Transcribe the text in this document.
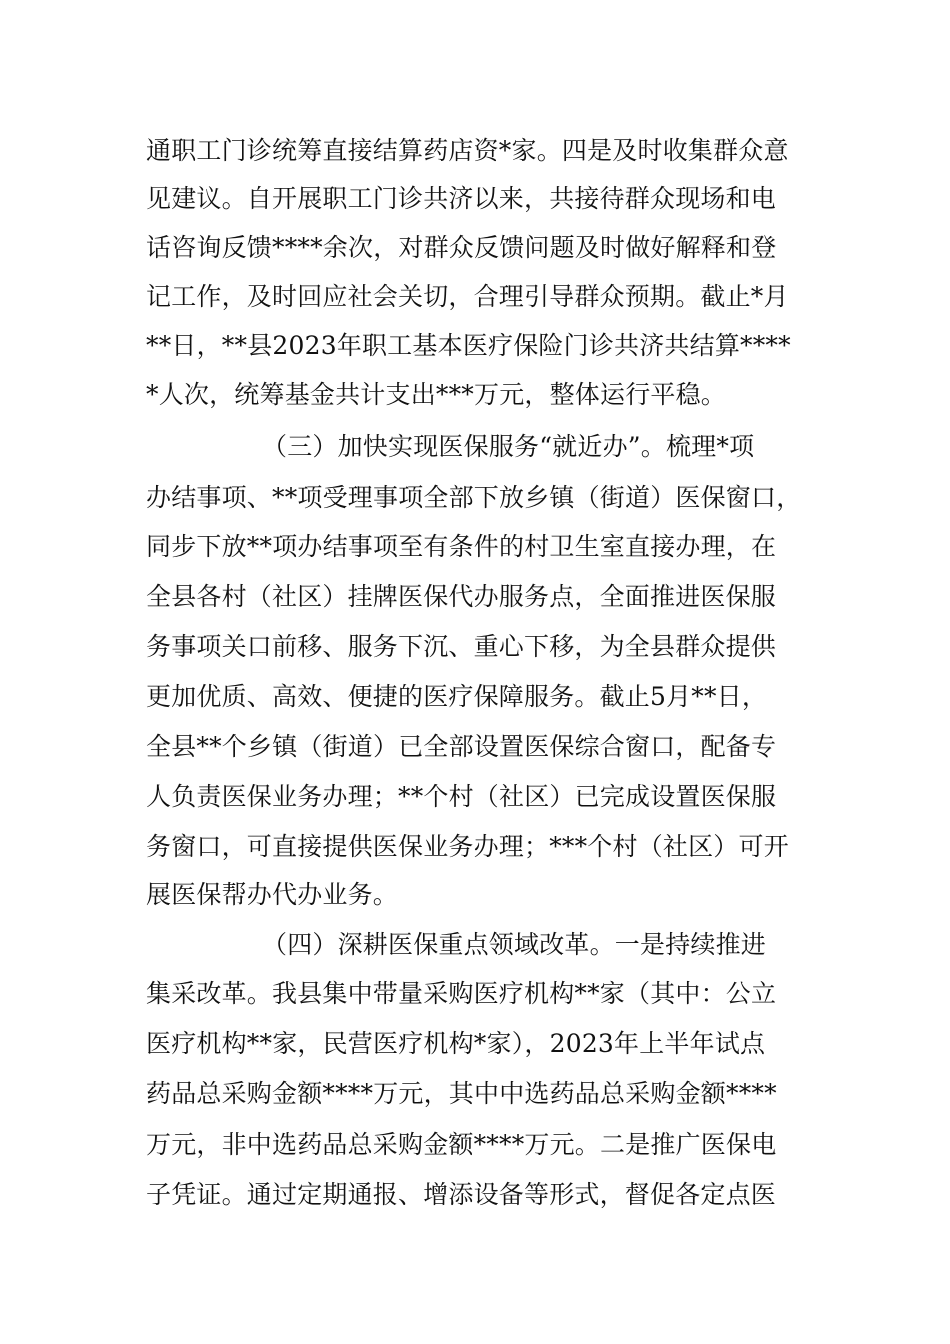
通职工门诊统筹直接结算药店资*家。四是及时收集群众意
见建议。自开展职工门诊共济以来，共接待群众现场和电
话咨询反馈****余次，对群众反馈问题及时做好解释和登
记工作，及时回应社会关切，合理引导群众预期。截止*月
**日，**县2023年职工基本医疗保险门诊共济共结算****
*人次，统筹基金共计支出***万元，整体运行平稳。
（三）加快实现医保服务“就近办”。梳理*项
办结事项、**项受理事项全部下放乡镇（街道）医保窗口，
同步下放**项办结事项至有条件的村卫生室直接办理，在
全县各村（社区）挂牌医保代办服务点，全面推进医保服
务事项关口前移、服务下沉、重心下移，为全县群众提供
更加优质、高效、便捷的医疗保障服务。截止5月**日，
全县**个乡镇（街道）已全部设置医保综合窗口，配备专
人负责医保业务办理；**个村（社区）已完成设置医保服
务窗口，可直接提供医保业务办理；***个村（社区）可开
展医保帮办代办业务。
（四）深耕医保重点领域改革。一是持续推进
集采改革。我县集中带量采购医疗机构**家（其中：公立
医疗机构**家，民营医疗机构*家），2023年上半年试点
药品总采购金额****万元，其中中选药品总采购金额****
万元，非中选药品总采购金额****万元。二是推广医保电
子凭证。通过定期通报、增添设备等形式，督促各定点医
